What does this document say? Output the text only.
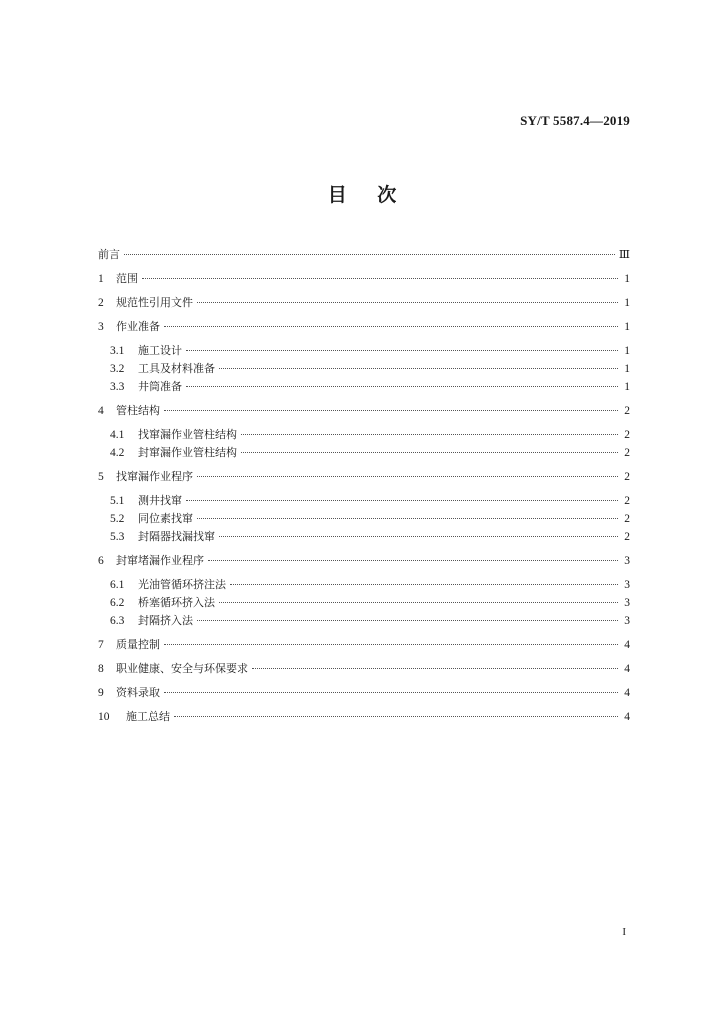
SY/T 5587.4—2019
目 次
前言	Ⅲ
1	范围	1
2	规范性引用文件	1
3	作业准备	1
3.1	施工设计	1
3.2	工具及材料准备	1
3.3	井筒准备	1
4	管柱结构	2
4.1	找窜漏作业管柱结构	2
4.2	封窜漏作业管柱结构	2
5	找窜漏作业程序	2
5.1	测井找窜	2
5.2	同位素找窜	2
5.3	封隔器找漏找窜	2
6	封窜堵漏作业程序	3
6.1	光油管循环挤注法	3
6.2	桥塞循环挤入法	3
6.3	封隔挤入法	3
7	质量控制	4
8	职业健康、安全与环保要求	4
9	资料录取	4
10	施工总结	4
I
